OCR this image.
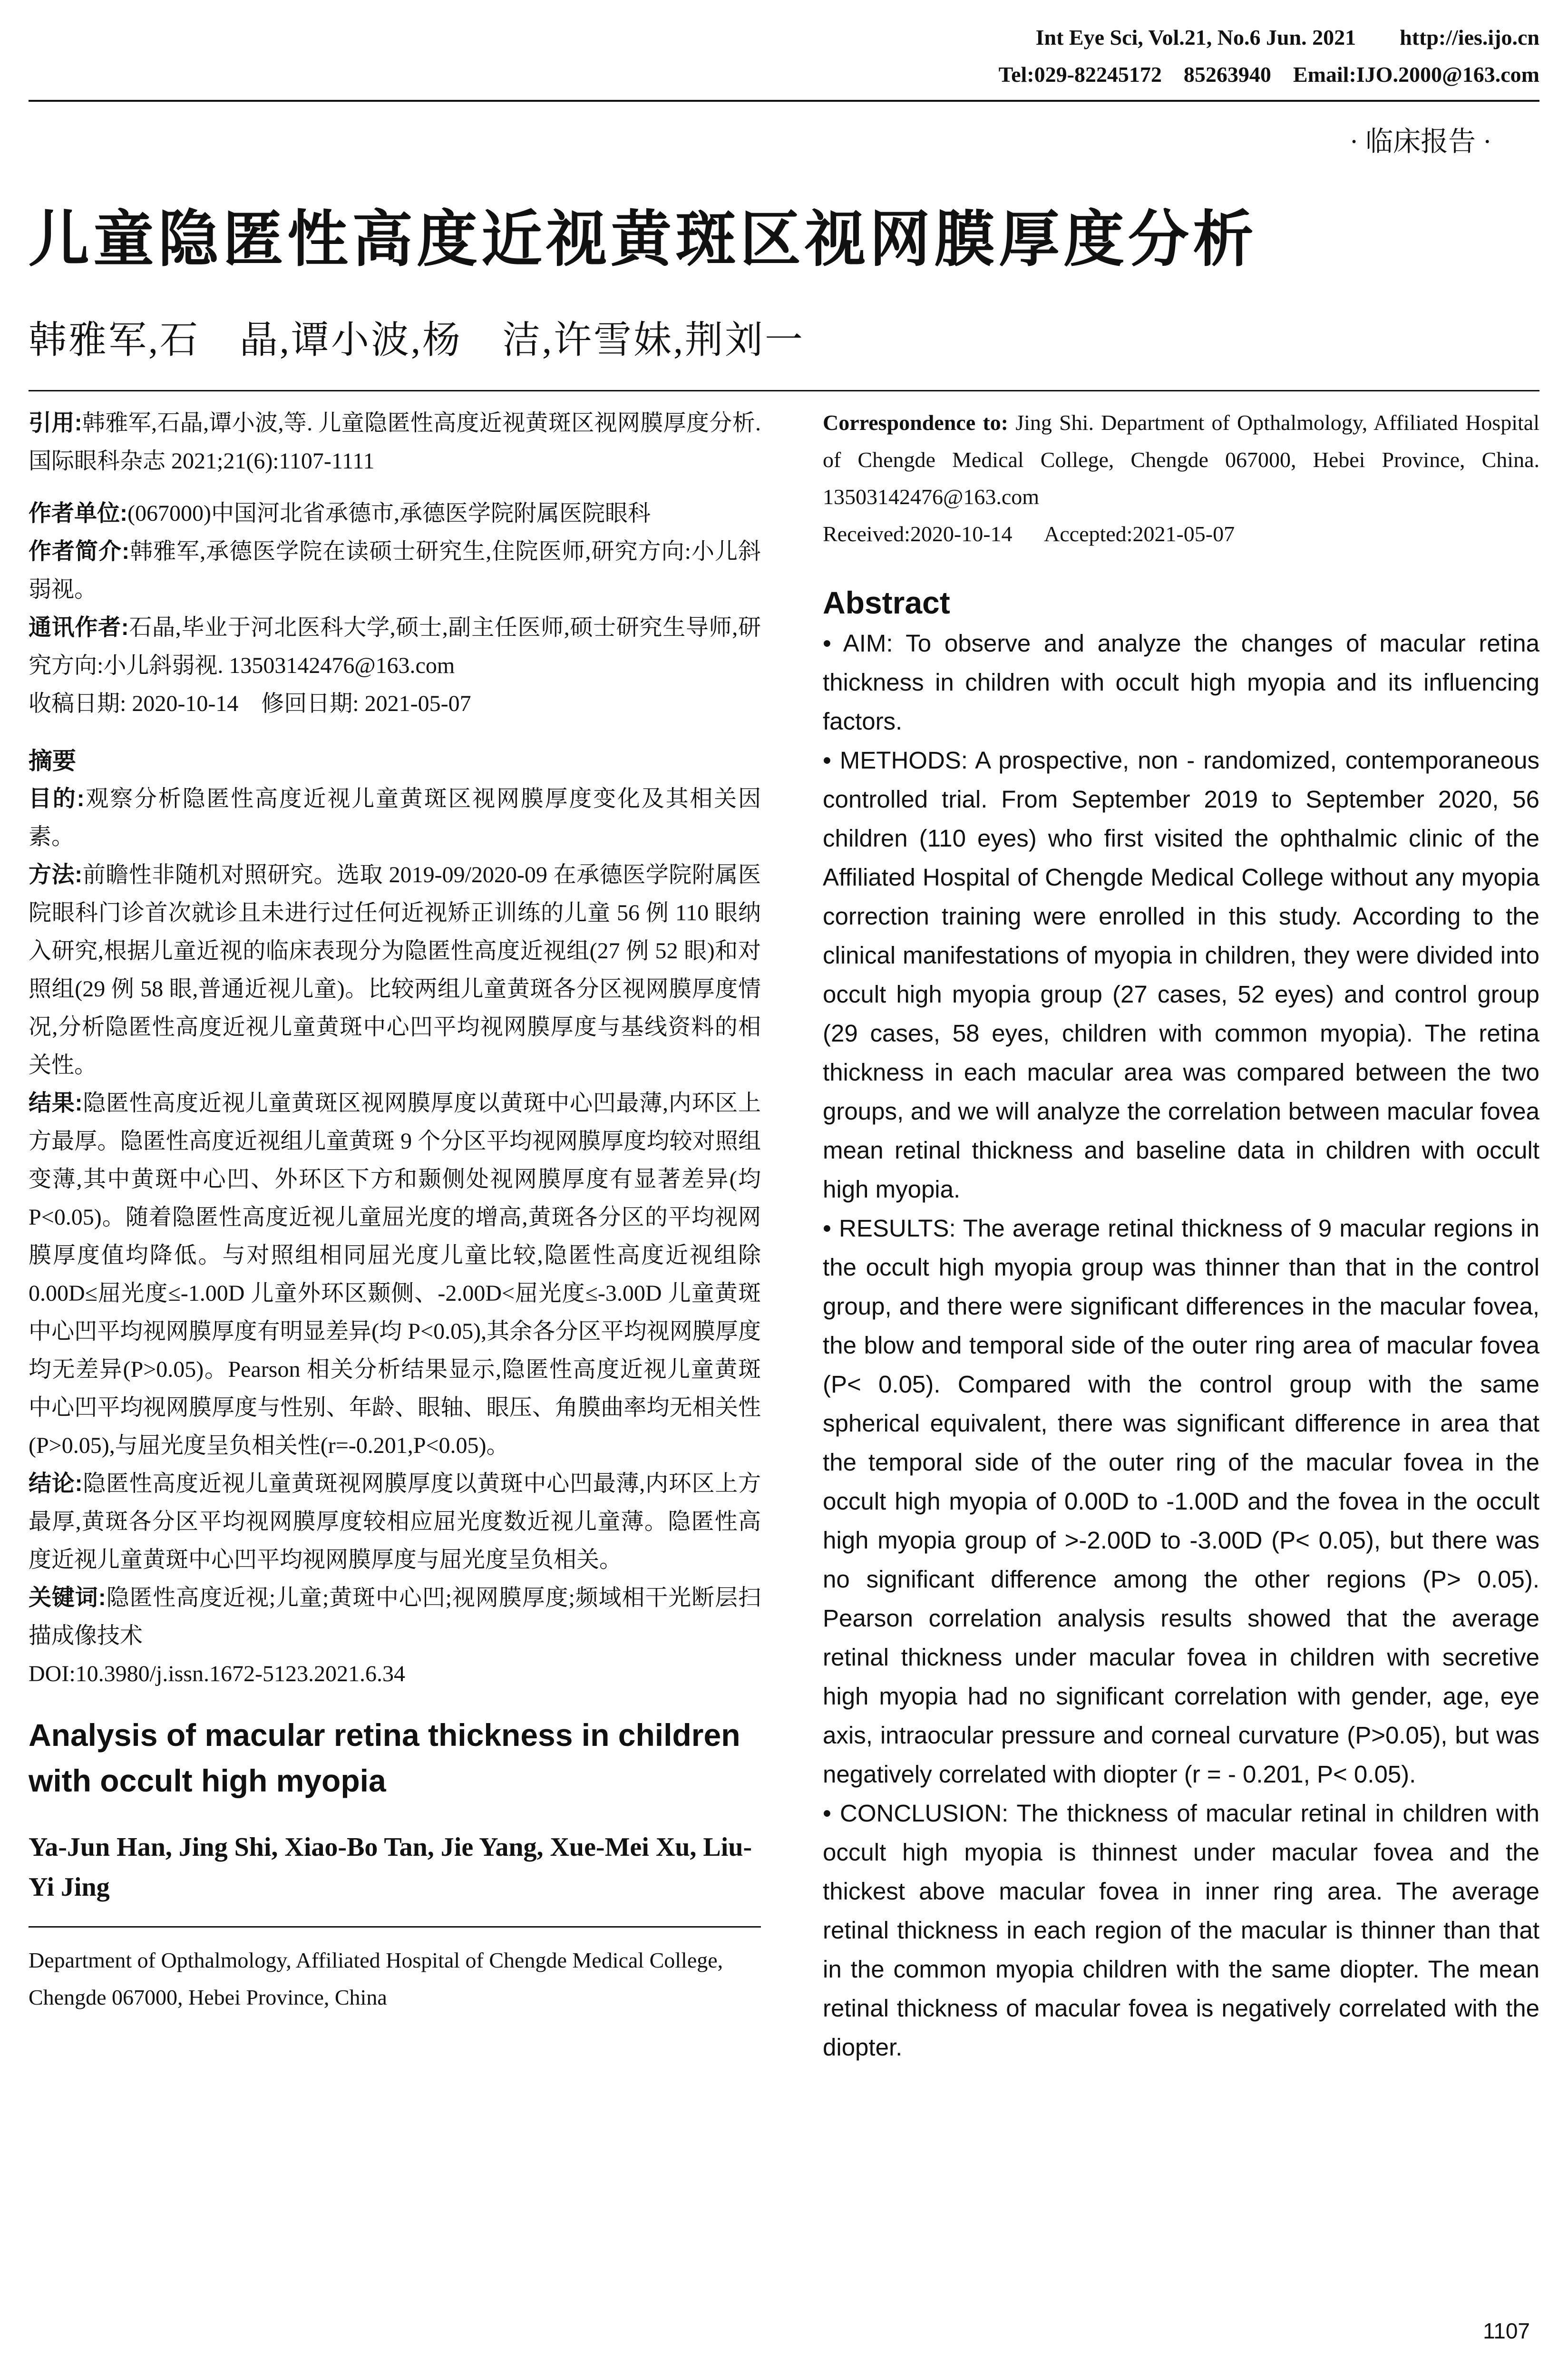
Int Eye Sci, Vol.21, No.6 Jun. 2021        http://ies.ijo.cn
Tel:029-82245172    85263940    Email:IJO.2000@163.com
· 临床报告 ·
儿童隐匿性高度近视黄斑区视网膜厚度分析
韩雅军,石　晶,谭小波,杨　洁,许雪妹,荆刘一
引用:韩雅军,石晶,谭小波,等. 儿童隐匿性高度近视黄斑区视网膜厚度分析. 国际眼科杂志 2021;21(6):1107-1111
作者单位:(067000)中国河北省承德市,承德医学院附属医院眼科
作者简介:韩雅军,承德医学院在读硕士研究生,住院医师,研究方向:小儿斜弱视。
通讯作者:石晶,毕业于河北医科大学,硕士,副主任医师,硕士研究生导师,研究方向:小儿斜弱视. 13503142476@163.com
收稿日期: 2020-10-14    修回日期: 2021-05-07
摘要
目的:观察分析隐匿性高度近视儿童黄斑区视网膜厚度变化及其相关因素。
方法:前瞻性非随机对照研究。选取 2019-09/2020-09 在承德医学院附属医院眼科门诊首次就诊且未进行过任何近视矫正训练的儿童 56 例 110 眼纳入研究,根据儿童近视的临床表现分为隐匿性高度近视组(27 例 52 眼)和对照组(29 例 58 眼,普通近视儿童)。比较两组儿童黄斑各分区视网膜厚度情况,分析隐匿性高度近视儿童黄斑中心凹平均视网膜厚度与基线资料的相关性。
结果:隐匿性高度近视儿童黄斑区视网膜厚度以黄斑中心凹最薄,内环区上方最厚。隐匿性高度近视组儿童黄斑 9 个分区平均视网膜厚度均较对照组变薄,其中黄斑中心凹、外环区下方和颞侧处视网膜厚度有显著差异(均 P<0.05)。随着隐匿性高度近视儿童屈光度的增高,黄斑各分区的平均视网膜厚度值均降低。与对照组相同屈光度儿童比较,隐匿性高度近视组除 0.00D≤屈光度≤-1.00D 儿童外环区颞侧、-2.00D<屈光度≤-3.00D 儿童黄斑中心凹平均视网膜厚度有明显差异(均 P<0.05),其余各分区平均视网膜厚度均无差异(P>0.05)。Pearson 相关分析结果显示,隐匿性高度近视儿童黄斑中心凹平均视网膜厚度与性别、年龄、眼轴、眼压、角膜曲率均无相关性(P>0.05),与屈光度呈负相关性(r=-0.201,P<0.05)。
结论:隐匿性高度近视儿童黄斑视网膜厚度以黄斑中心凹最薄,内环区上方最厚,黄斑各分区平均视网膜厚度较相应屈光度数近视儿童薄。隐匿性高度近视儿童黄斑中心凹平均视网膜厚度与屈光度呈负相关。
关键词:隐匿性高度近视;儿童;黄斑中心凹;视网膜厚度;频域相干光断层扫描成像技术
DOI:10.3980/j.issn.1672-5123.2021.6.34
Analysis of macular retina thickness in children with occult high myopia
Ya-Jun Han, Jing Shi, Xiao-Bo Tan, Jie Yang, Xue-Mei Xu, Liu-Yi Jing
Department of Opthalmology, Affiliated Hospital of Chengde Medical College, Chengde 067000, Hebei Province, China
Correspondence to: Jing Shi. Department of Opthalmology, Affiliated Hospital of Chengde Medical College, Chengde 067000, Hebei Province, China. 13503142476@163.com
Received:2020-10-14      Accepted:2021-05-07
Abstract

• AIM: To observe and analyze the changes of macular retina thickness in children with occult high myopia and its influencing factors.

• METHODS: A prospective, non - randomized, contemporaneous controlled trial. From September 2019 to September 2020, 56 children (110 eyes) who first visited the ophthalmic clinic of the Affiliated Hospital of Chengde Medical College without any myopia correction training were enrolled in this study. According to the clinical manifestations of myopia in children, they were divided into occult high myopia group (27 cases, 52 eyes) and control group (29 cases, 58 eyes, children with common myopia). The retina thickness in each macular area was compared between the two groups, and we will analyze the correlation between macular fovea mean retinal thickness and baseline data in children with occult high myopia.

• RESULTS: The average retinal thickness of 9 macular regions in the occult high myopia group was thinner than that in the control group, and there were significant differences in the macular fovea, the blow and temporal side of the outer ring area of macular fovea (P< 0.05). Compared with the control group with the same spherical equivalent, there was significant difference in area that the temporal side of the outer ring of the macular fovea in the occult high myopia of 0.00D to -1.00D and the fovea in the occult high myopia group of >-2.00D to -3.00D (P< 0.05), but there was no significant difference among the other regions (P> 0.05). Pearson correlation analysis results showed that the average retinal thickness under macular fovea in children with secretive high myopia had no significant correlation with gender, age, eye axis, intraocular pressure and corneal curvature (P>0.05), but was negatively correlated with diopter (r = - 0.201, P< 0.05).

• CONCLUSION: The thickness of macular retinal in children with occult high myopia is thinnest under macular fovea and the thickest above macular fovea in inner ring area. The average retinal thickness in each region of the macular is thinner than that in the common myopia children with the same diopter. The mean retinal thickness of macular fovea is negatively correlated with the diopter.

1107
